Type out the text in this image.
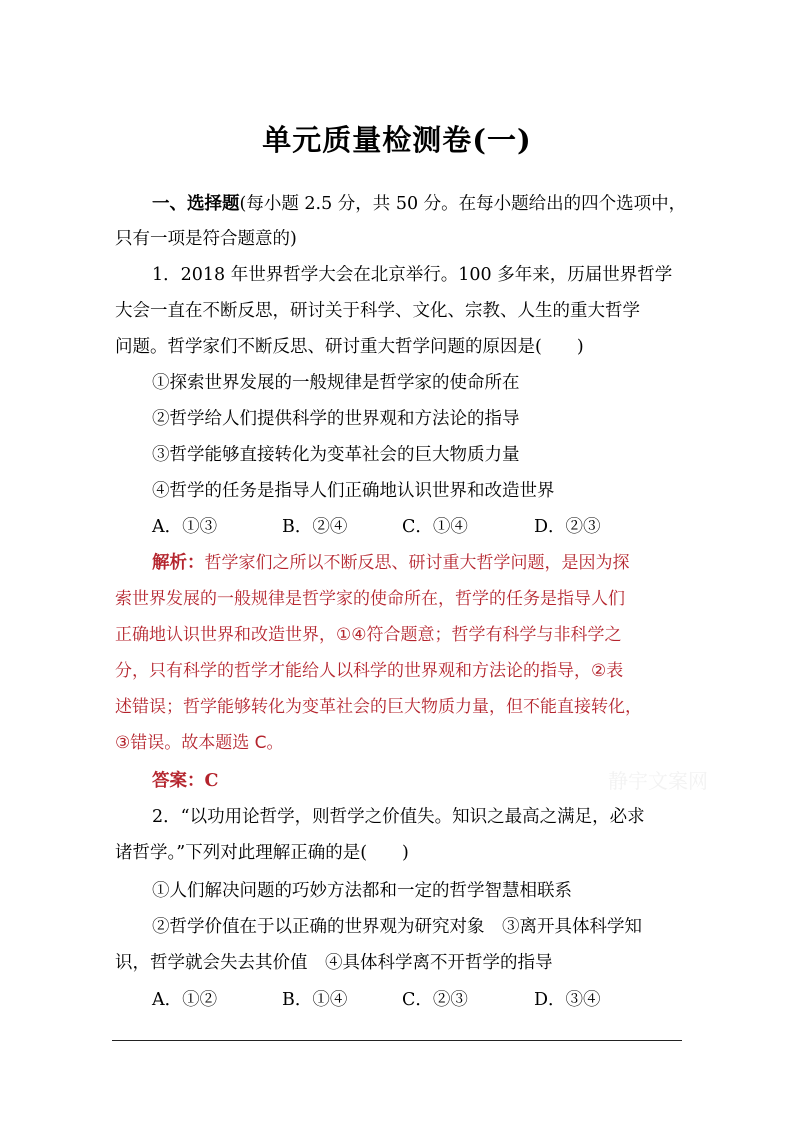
单元质量检测卷(一)
一、选择题(每小题 2.5 分，共 50 分。在每小题给出的四个选项中，
只有一项是符合题意的)
1．2018 年世界哲学大会在北京举行。100 多年来，历届世界哲学
大会一直在不断反思，研讨关于科学、文化、宗教、人生的重大哲学
问题。哲学家们不断反思、研讨重大哲学问题的原因是(　　)
①探索世界发展的一般规律是哲学家的使命所在
②哲学给人们提供科学的世界观和方法论的指导
③哲学能够直接转化为变革社会的巨大物质力量
④哲学的任务是指导人们正确地认识世界和改造世界
A．①③	B．②④	C．①④	D．②③
解析：哲学家们之所以不断反思、研讨重大哲学问题，是因为探
索世界发展的一般规律是哲学家的使命所在，哲学的任务是指导人们
正确地认识世界和改造世界，①④符合题意；哲学有科学与非科学之
分，只有科学的哲学才能给人以科学的世界观和方法论的指导，②表
述错误；哲学能够转化为变革社会的巨大物质力量，但不能直接转化，
③错误。故本题选 C。
答案：C	静宇文案网
2．“以功用论哲学，则哲学之价值失。知识之最高之满足，必求
诸哲学。”下列对此理解正确的是(　　)
①人们解决问题的巧妙方法都和一定的哲学智慧相联系
②哲学价值在于以正确的世界观为研究对象　③离开具体科学知
识，哲学就会失去其价值　④具体科学离不开哲学的指导
A．①②	B．①④	C．②③	D．③④
